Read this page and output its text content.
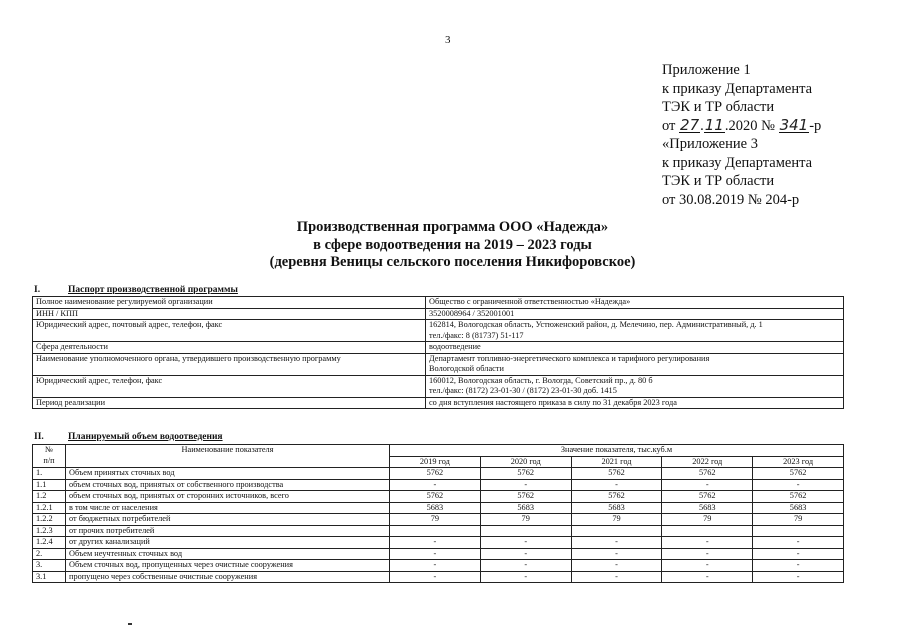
3
Приложение 1
к приказу Департамента
ТЭК и ТР области
от 27.11.2020 № 341-р
«Приложение 3
к приказу Департамента
ТЭК и ТР области
от 30.08.2019 № 204-р
Производственная программа ООО «Надежда»
в сфере водоотведения на 2019 – 2023 годы
(деревня Веницы сельского поселения Никифоровское)
I.	Паспорт производственной программы
Полное наименование регулируемой организации	Общество с ограниченной ответственностью «Надежда»

ИНН / КПП	3520008964 / 352001001

Юридический адрес, почтовый адрес, телефон, факс	162814, Вологодская область, Устюженский район, д. Мелечино, пер. Административный, д. 1
тел./факс: 8 (81737) 51-117

Сфера деятельности	водоотведение

Наименование уполномоченного органа, утвердившего производственную программу	Департамент топливно-энергетического комплекса и тарифного регулирования
Вологодской области

Юридический адрес, телефон, факс	160012, Вологодская область, г. Вологда, Советский пр., д. 80 б
тел./факс: (8172) 23-01-30 / (8172) 23-01-30 доб. 1415

Период реализации	со дня вступления настоящего приказа в силу по 31 декабря 2023 года
II.	Планируемый объем водоотведения
№
п/п	Наименование показателя	Значение показателя, тыс.куб.м				
		2019 год	2020 год	2021 год	2022 год	2023 год
1.	Объем принятых сточных вод	5762	5762	5762	5762	5762
1.1	объем сточных вод, принятых от собственного производства	-	-	-	-	-
1.2	объем сточных вод, принятых от сторонних источников, всего	5762	5762	5762	5762	5762
1.2.1	в том числе от населения	5683	5683	5683	5683	5683
1.2.2	от бюджетных потребителей	79	79	79	79	79
1.2.3	от прочих потребителей					
1.2.4	от других канализаций	-	-	-	-	-
2.	Объем неучтенных сточных вод	-	-	-	-	-
3.	Объем сточных вод, пропущенных через очистные сооружения	-	-	-	-	-
3.1	пропущено через собственные очистные сооружения	-	-	-	-	-
